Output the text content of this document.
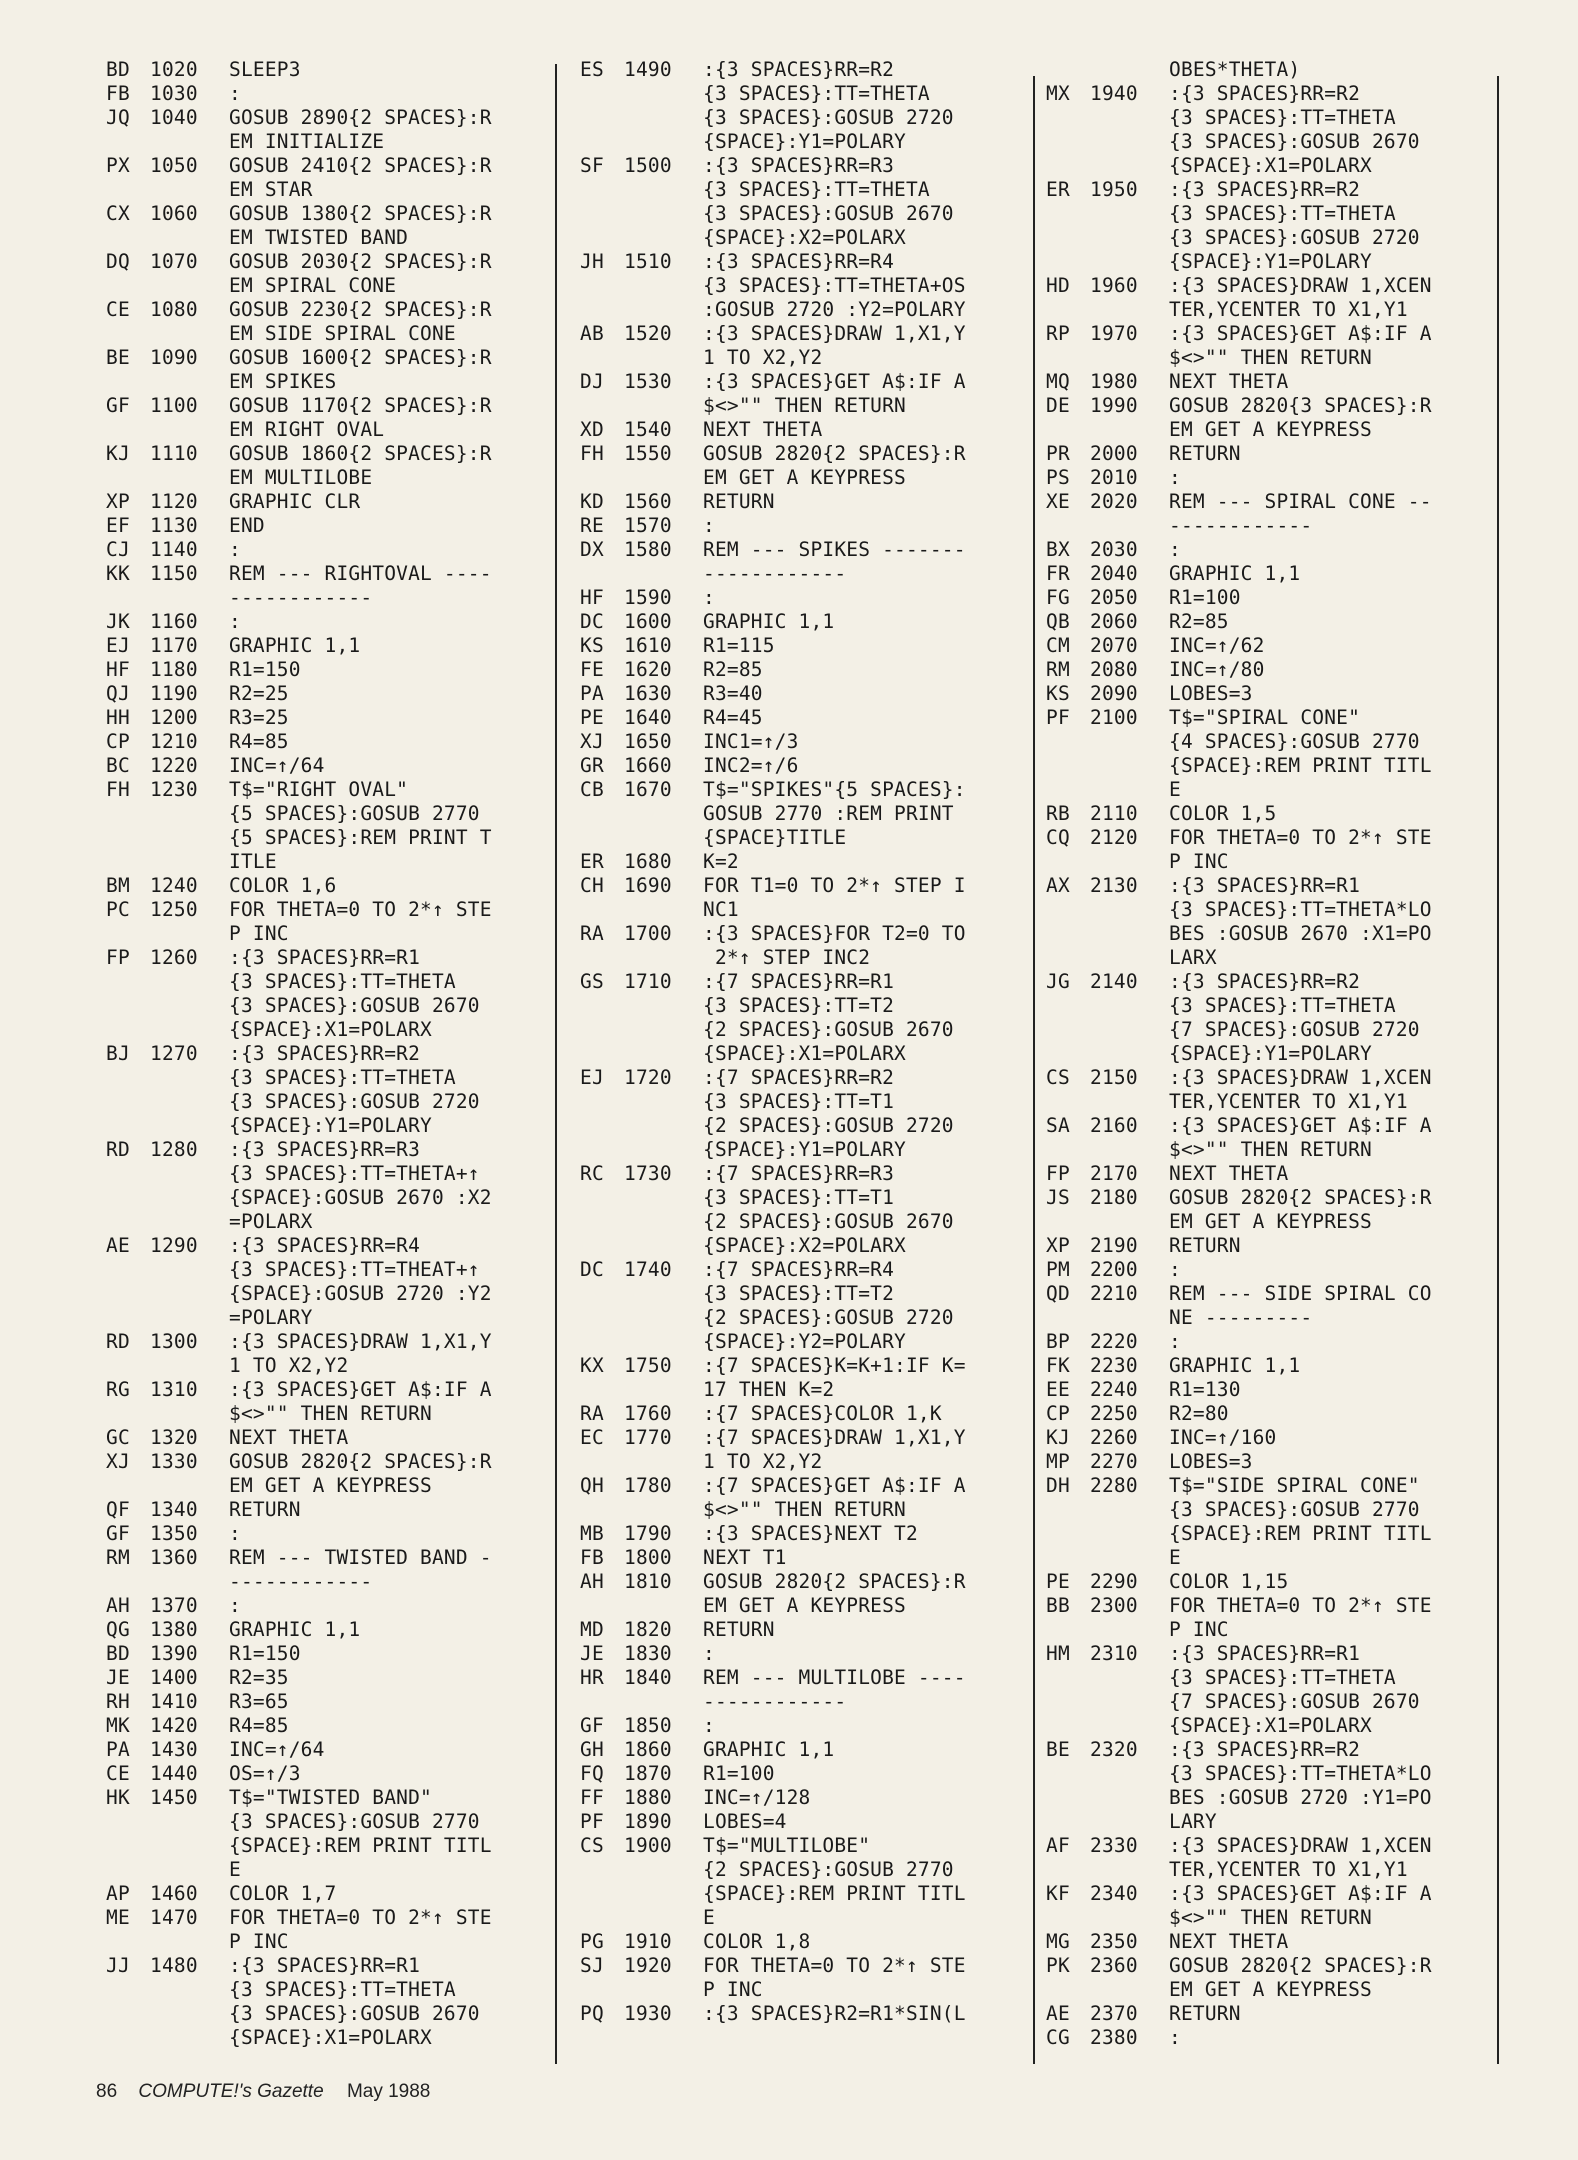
BD	1020	SLEEP3
FB	1030	:
JQ	1040	GOSUB 2890{2 SPACES}:R
EM INITIALIZE
PX	1050	GOSUB 2410{2 SPACES}:R
EM STAR
CX	1060	GOSUB 1380{2 SPACES}:R
EM TWISTED BAND
DQ	1070	GOSUB 2030{2 SPACES}:R
EM SPIRAL CONE
CE	1080	GOSUB 2230{2 SPACES}:R
EM SIDE SPIRAL CONE
BE	1090	GOSUB 1600{2 SPACES}:R
EM SPIKES
GF	1100	GOSUB 1170{2 SPACES}:R
EM RIGHT OVAL
KJ	1110	GOSUB 1860{2 SPACES}:R
EM MULTILOBE
XP	1120	GRAPHIC CLR
EF	1130	END
CJ	1140	:
KK	1150	REM --- RIGHTOVAL ----
------------
JK	1160	:
EJ	1170	GRAPHIC 1,1
HF	1180	R1=150
QJ	1190	R2=25
HH	1200	R3=25
CP	1210	R4=85
BC	1220	INC=↑/64
FH	1230	T$="RIGHT OVAL"
{5 SPACES}:GOSUB 2770
{5 SPACES}:REM PRINT T
ITLE
BM	1240	COLOR 1,6
PC	1250	FOR THETA=0 TO 2*↑ STE
P INC
FP	1260	:{3 SPACES}RR=R1
{3 SPACES}:TT=THETA
{3 SPACES}:GOSUB 2670
{SPACE}:X1=POLARX
BJ	1270	:{3 SPACES}RR=R2
{3 SPACES}:TT=THETA
{3 SPACES}:GOSUB 2720
{SPACE}:Y1=POLARY
RD	1280	:{3 SPACES}RR=R3
{3 SPACES}:TT=THETA+↑
{SPACE}:GOSUB 2670 :X2
=POLARX
AE	1290	:{3 SPACES}RR=R4
{3 SPACES}:TT=THEAT+↑
{SPACE}:GOSUB 2720 :Y2
=POLARY
RD	1300	:{3 SPACES}DRAW 1,X1,Y
1 TO X2,Y2
RG	1310	:{3 SPACES}GET A$:IF A
$<>"" THEN RETURN
GC	1320	NEXT THETA
XJ	1330	GOSUB 2820{2 SPACES}:R
EM GET A KEYPRESS
QF	1340	RETURN
GF	1350	:
RM	1360	REM --- TWISTED BAND -
------------
AH	1370	:
QG	1380	GRAPHIC 1,1
BD	1390	R1=150
JE	1400	R2=35
RH	1410	R3=65
MK	1420	R4=85
PA	1430	INC=↑/64
CE	1440	OS=↑/3
HK	1450	T$="TWISTED BAND"
{3 SPACES}:GOSUB 2770
{SPACE}:REM PRINT TITL
E
AP	1460	COLOR 1,7
ME	1470	FOR THETA=0 TO 2*↑ STE
P INC
JJ	1480	:{3 SPACES}RR=R1
{3 SPACES}:TT=THETA
{3 SPACES}:GOSUB 2670
{SPACE}:X1=POLARX
ES	1490	:{3 SPACES}RR=R2
{3 SPACES}:TT=THETA
{3 SPACES}:GOSUB 2720
{SPACE}:Y1=POLARY
SF	1500	:{3 SPACES}RR=R3
{3 SPACES}:TT=THETA
{3 SPACES}:GOSUB 2670
{SPACE}:X2=POLARX
JH	1510	:{3 SPACES}RR=R4
{3 SPACES}:TT=THETA+OS
:GOSUB 2720 :Y2=POLARY
AB	1520	:{3 SPACES}DRAW 1,X1,Y
1 TO X2,Y2
DJ	1530	:{3 SPACES}GET A$:IF A
$<>"" THEN RETURN
XD	1540	NEXT THETA
FH	1550	GOSUB 2820{2 SPACES}:R
EM GET A KEYPRESS
KD	1560	RETURN
RE	1570	:
DX	1580	REM --- SPIKES -------
------------
HF	1590	:
DC	1600	GRAPHIC 1,1
KS	1610	R1=115
FE	1620	R2=85
PA	1630	R3=40
PE	1640	R4=45
XJ	1650	INC1=↑/3
GR	1660	INC2=↑/6
CB	1670	T$="SPIKES"{5 SPACES}:
GOSUB 2770 :REM PRINT
{SPACE}TITLE
ER	1680	K=2
CH	1690	FOR T1=0 TO 2*↑ STEP I
NC1
RA	1700	:{3 SPACES}FOR T2=0 TO
2*↑ STEP INC2
GS	1710	:{7 SPACES}RR=R1
{3 SPACES}:TT=T2
{2 SPACES}:GOSUB 2670
{SPACE}:X1=POLARX
EJ	1720	:{7 SPACES}RR=R2
{3 SPACES}:TT=T1
{2 SPACES}:GOSUB 2720
{SPACE}:Y1=POLARY
RC	1730	:{7 SPACES}RR=R3
{3 SPACES}:TT=T1
{2 SPACES}:GOSUB 2670
{SPACE}:X2=POLARX
DC	1740	:{7 SPACES}RR=R4
{3 SPACES}:TT=T2
{2 SPACES}:GOSUB 2720
{SPACE}:Y2=POLARY
KX	1750	:{7 SPACES}K=K+1:IF K=
17 THEN K=2
RA	1760	:{7 SPACES}COLOR 1,K
EC	1770	:{7 SPACES}DRAW 1,X1,Y
1 TO X2,Y2
QH	1780	:{7 SPACES}GET A$:IF A
$<>"" THEN RETURN
MB	1790	:{3 SPACES}NEXT T2
FB	1800	NEXT T1
AH	1810	GOSUB 2820{2 SPACES}:R
EM GET A KEYPRESS
MD	1820	RETURN
JE	1830	:
HR	1840	REM --- MULTILOBE ----
------------
GF	1850	:
GH	1860	GRAPHIC 1,1
FQ	1870	R1=100
FF	1880	INC=↑/128
PF	1890	LOBES=4
CS	1900	T$="MULTILOBE"
{2 SPACES}:GOSUB 2770
{SPACE}:REM PRINT TITL
E
PG	1910	COLOR 1,8
SJ	1920	FOR THETA=0 TO 2*↑ STE
P INC
PQ	1930	:{3 SPACES}R2=R1*SIN(L
OBES*THETA)
MX	1940	:{3 SPACES}RR=R2
{3 SPACES}:TT=THETA
{3 SPACES}:GOSUB 2670
{SPACE}:X1=POLARX
ER	1950	:{3 SPACES}RR=R2
{3 SPACES}:TT=THETA
{3 SPACES}:GOSUB 2720
{SPACE}:Y1=POLARY
HD	1960	:{3 SPACES}DRAW 1,XCEN
TER,YCENTER TO X1,Y1
RP	1970	:{3 SPACES}GET A$:IF A
$<>"" THEN RETURN
MQ	1980	NEXT THETA
DE	1990	GOSUB 2820{3 SPACES}:R
EM GET A KEYPRESS
PR	2000	RETURN
PS	2010	:
XE	2020	REM --- SPIRAL CONE --
------------
BX	2030	:
FR	2040	GRAPHIC 1,1
FG	2050	R1=100
QB	2060	R2=85
CM	2070	INC=↑/62
RM	2080	INC=↑/80
KS	2090	LOBES=3
PF	2100	T$="SPIRAL CONE"
{4 SPACES}:GOSUB 2770
{SPACE}:REM PRINT TITL
E
RB	2110	COLOR 1,5
CQ	2120	FOR THETA=0 TO 2*↑ STE
P INC
AX	2130	:{3 SPACES}RR=R1
{3 SPACES}:TT=THETA*LO
BES :GOSUB 2670 :X1=PO
LARX
JG	2140	:{3 SPACES}RR=R2
{3 SPACES}:TT=THETA
{7 SPACES}:GOSUB 2720
{SPACE}:Y1=POLARY
CS	2150	:{3 SPACES}DRAW 1,XCEN
TER,YCENTER TO X1,Y1
SA	2160	:{3 SPACES}GET A$:IF A
$<>"" THEN RETURN
FP	2170	NEXT THETA
JS	2180	GOSUB 2820{2 SPACES}:R
EM GET A KEYPRESS
XP	2190	RETURN
PM	2200	:
QD	2210	REM --- SIDE SPIRAL CO
NE ---------
BP	2220	:
FK	2230	GRAPHIC 1,1
EE	2240	R1=130
CP	2250	R2=80
KJ	2260	INC=↑/160
MP	2270	LOBES=3
DH	2280	T$="SIDE SPIRAL CONE"
{3 SPACES}:GOSUB 2770
{SPACE}:REM PRINT TITL
E
PE	2290	COLOR 1,15
BB	2300	FOR THETA=0 TO 2*↑ STE
P INC
HM	2310	:{3 SPACES}RR=R1
{3 SPACES}:TT=THETA
{7 SPACES}:GOSUB 2670
{SPACE}:X1=POLARX
BE	2320	:{3 SPACES}RR=R2
{3 SPACES}:TT=THETA*LO
BES :GOSUB 2720 :Y1=PO
LARY
AF	2330	:{3 SPACES}DRAW 1,XCEN
TER,YCENTER TO X1,Y1
KF	2340	:{3 SPACES}GET A$:IF A
$<>"" THEN RETURN
MG	2350	NEXT THETA
PK	2360	GOSUB 2820{2 SPACES}:R
EM GET A KEYPRESS
AE	2370	RETURN
CG	2380	:
86 COMPUTE!'s Gazette May 1988
